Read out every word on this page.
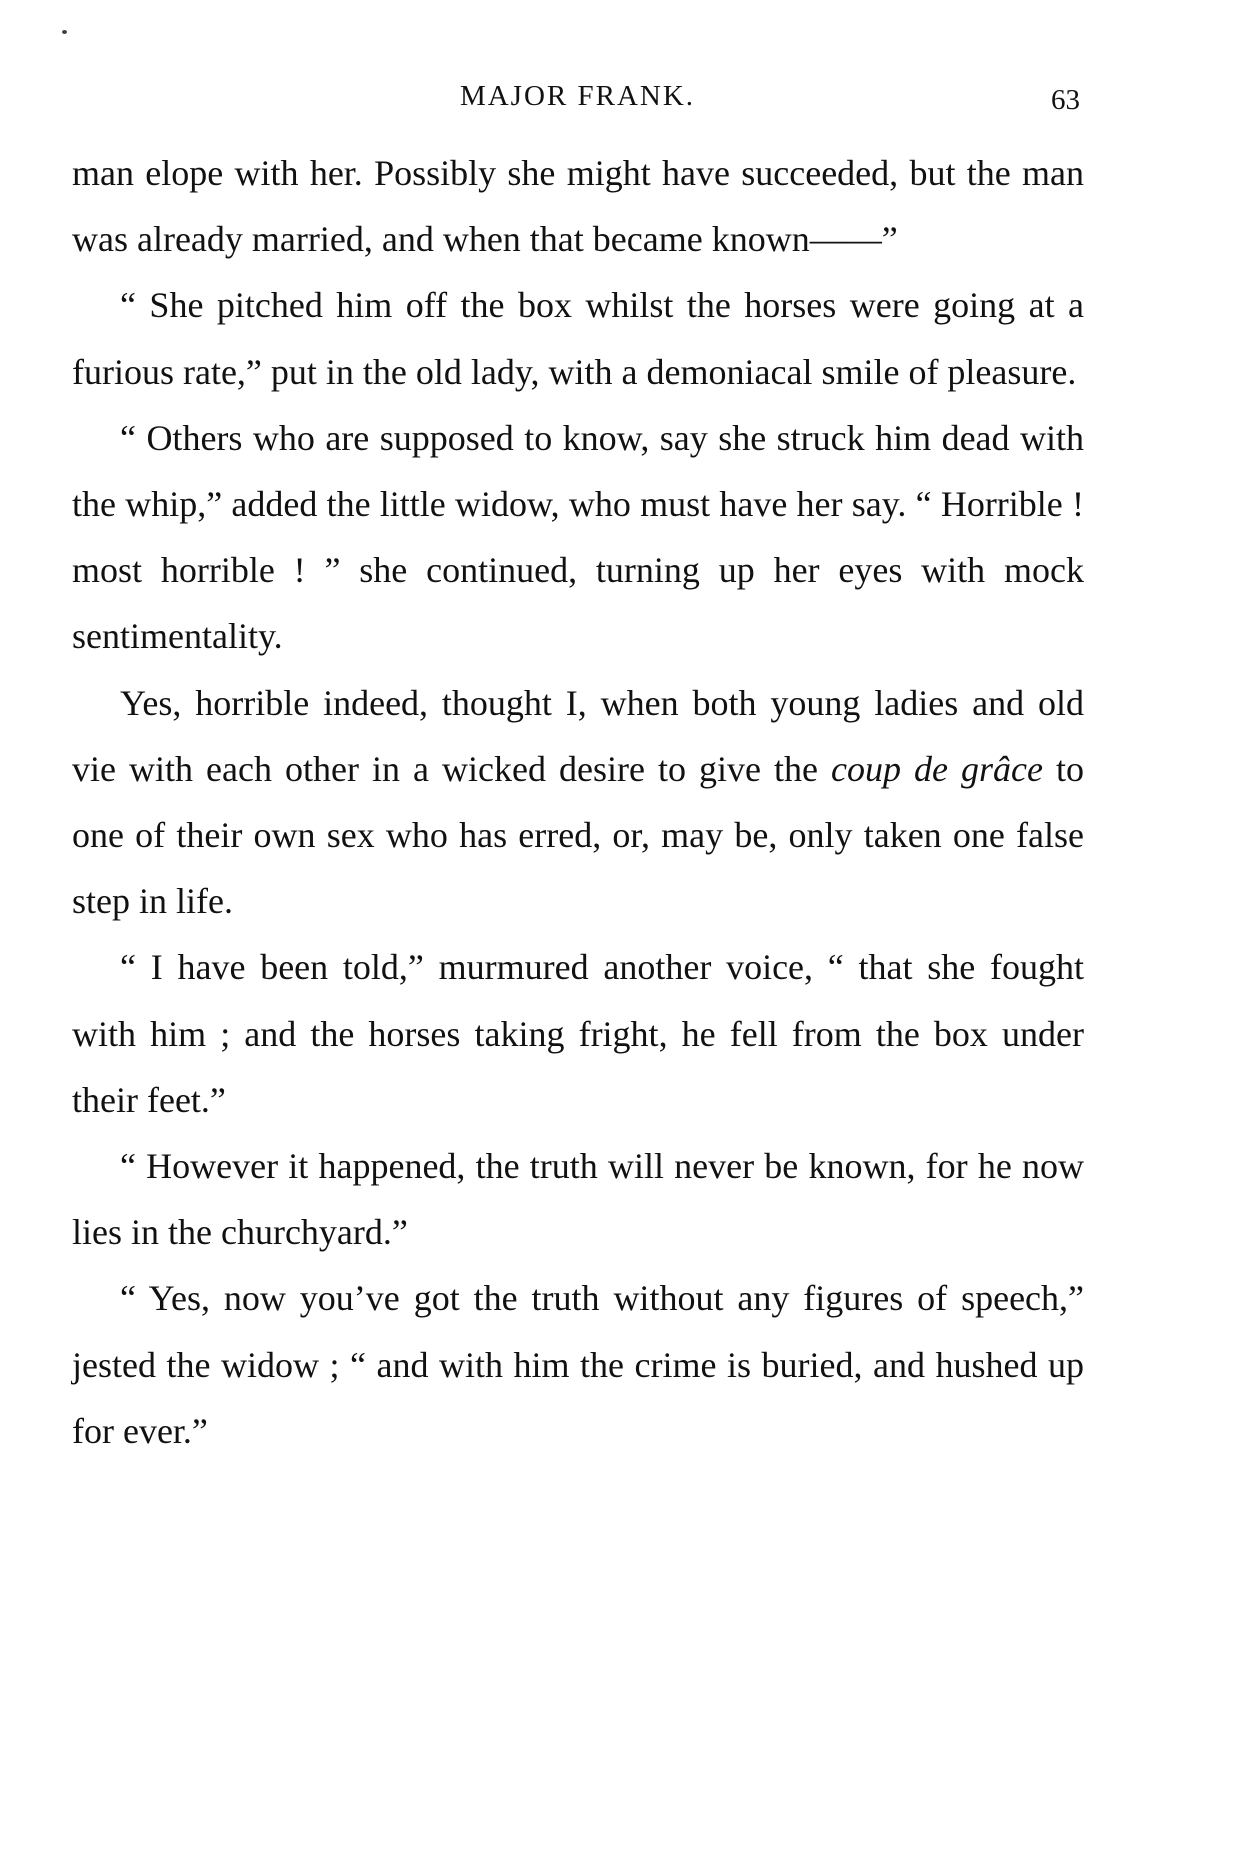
MAJOR FRANK.	63

man elope with her. Possibly she might have succeeded, but the man was already married, and when that became known——”

“ She pitched him off the box whilst the horses were going at a furious rate,” put in the old lady, with a demoniacal smile of pleasure.

“ Others who are supposed to know, say she struck him dead with the whip,” added the little widow, who must have her say. “ Horrible ! most horrible ! ” she continued, turning up her eyes with mock sentimentality.

Yes, horrible indeed, thought I, when both young ladies and old vie with each other in a wicked desire to give the coup de grâce to one of their own sex who has erred, or, may be, only taken one false step in life.

“ I have been told,” murmured another voice, “ that she fought with him ; and the horses taking fright, he fell from the box under their feet.”

“ However it happened, the truth will never be known, for he now lies in the churchyard.”

“ Yes, now you’ve got the truth without any figures of speech,” jested the widow ; “ and with him the crime is buried, and hushed up for ever.”
